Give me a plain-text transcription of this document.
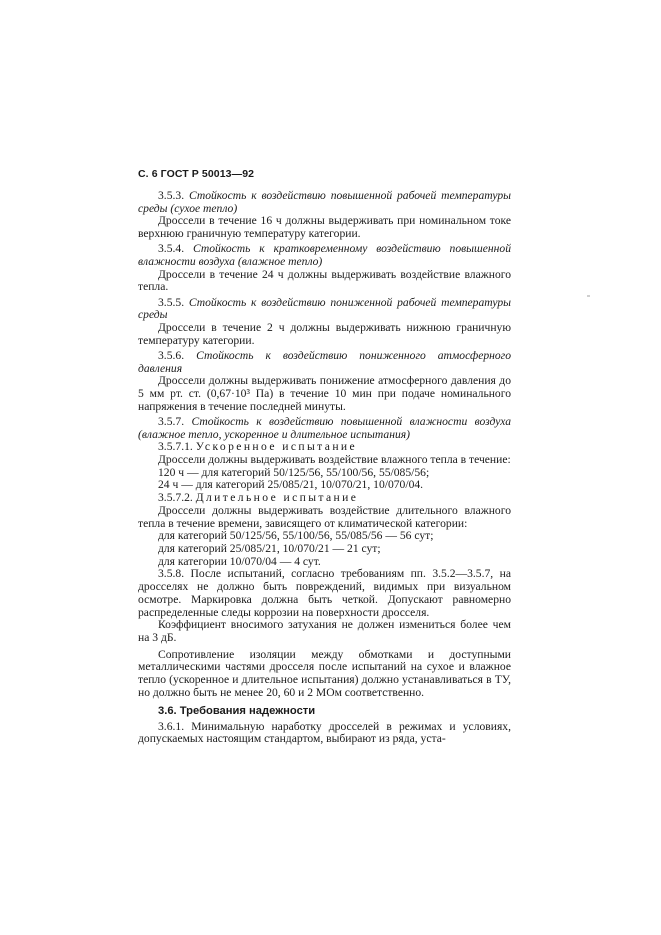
С. 6 ГОСТ Р 50013—92

3.5.3. Стойкость к воздействию повышенной рабочей температуры среды (сухое тепло)

Дроссели в течение 16 ч должны выдерживать при номинальном токе верхнюю граничную температуру категории.

3.5.4. Стойкость к кратковременному воздействию повышенной влажности воздуха (влажное тепло)

Дроссели в течение 24 ч должны выдерживать воздействие влажного тепла.

3.5.5. Стойкость к воздействию пониженной рабочей температуры среды

Дроссели в течение 2 ч должны выдерживать нижнюю граничную температуру категории.

3.5.6. Стойкость к воздействию пониженного атмосферного давления

Дроссели должны выдерживать понижение атмосферного давления до 5 мм рт. ст. (0,67·10³ Па) в течение 10 мин при подаче номинального напряжения в течение последней минуты.

3.5.7. Стойкость к воздействию повышенной влажности воздуха (влажное тепло, ускоренное и длительное испытания)

3.5.7.1. Ускоренное испытание

Дроссели должны выдерживать воздействие влажного тепла в течение:

120 ч — для категорий 50/125/56, 55/100/56, 55/085/56;

24 ч — для категорий 25/085/21, 10/070/21, 10/070/04.

3.5.7.2. Длительное испытание

Дроссели должны выдерживать воздействие длительного влажного тепла в течение времени, зависящего от климатической категории:

для категорий 50/125/56, 55/100/56, 55/085/56 — 56 сут;

для категорий 25/085/21, 10/070/21 — 21 сут;

для категории 10/070/04 — 4 сут.

3.5.8. После испытаний, согласно требованиям пп. 3.5.2—3.5.7, на дросселях не должно быть повреждений, видимых при визуальном осмотре. Маркировка должна быть четкой. Допускают равномерно распределенные следы коррозии на поверхности дросселя.

Коэффициент вносимого затухания не должен измениться более чем на 3 дБ.

Сопротивление изоляции между обмотками и доступными металлическими частями дросселя после испытаний на сухое и влажное тепло (ускоренное и длительное испытания) должно устанавливаться в ТУ, но должно быть не менее 20, 60 и 2 МОм соответственно.

3.6. Требования надежности

3.6.1. Минимальную наработку дросселей в режимах и условиях, допускаемых настоящим стандартом, выбирают из ряда, уста-
